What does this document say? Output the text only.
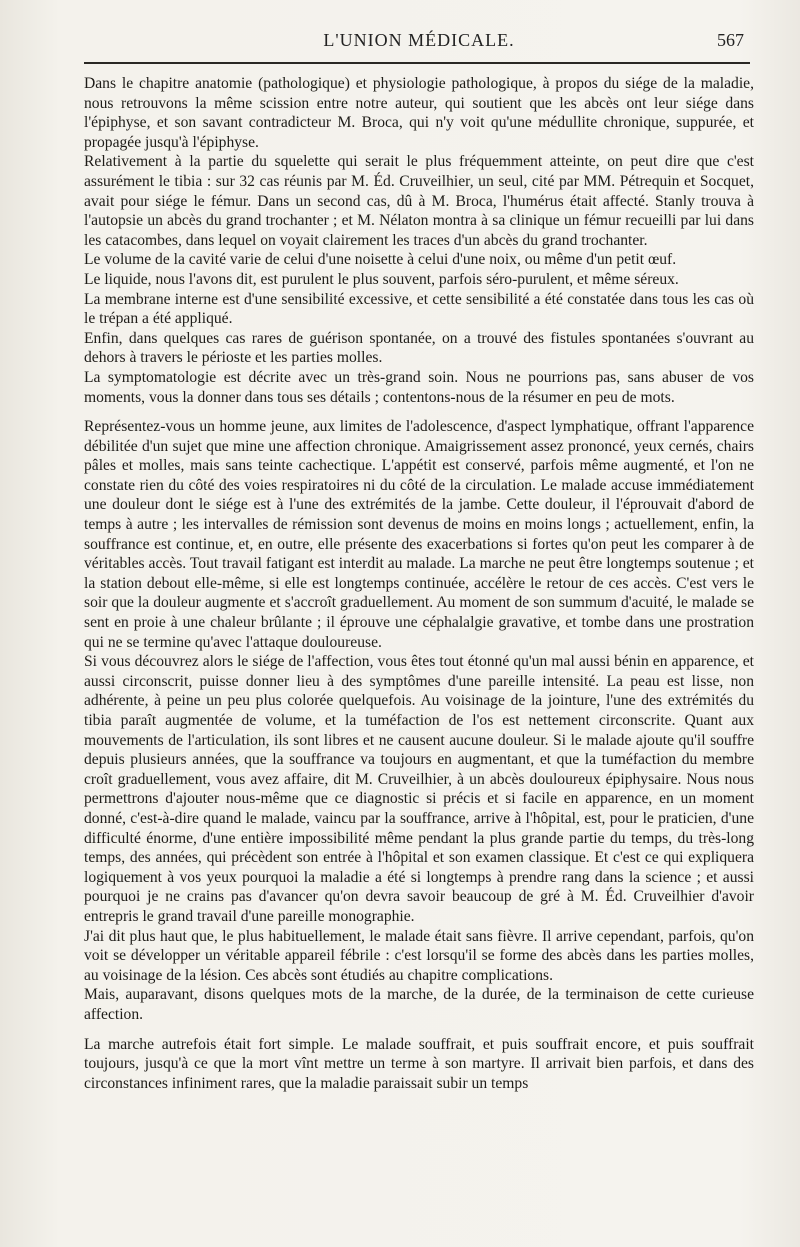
L'UNION MÉDICALE.	567

Dans le chapitre anatomie (pathologique) et physiologie pathologique, à propos du siége de la maladie, nous retrouvons la même scission entre notre auteur, qui soutient que les abcès ont leur siége dans l'épiphyse, et son savant contradicteur M. Broca, qui n'y voit qu'une médullite chronique, suppurée, et propagée jusqu'à l'épiphyse.

Relativement à la partie du squelette qui serait le plus fréquemment atteinte, on peut dire que c'est assurément le tibia : sur 32 cas réunis par M. Éd. Cruveilhier, un seul, cité par MM. Pétrequin et Socquet, avait pour siége le fémur. Dans un second cas, dû à M. Broca, l'humérus était affecté. Stanly trouva à l'autopsie un abcès du grand trochanter ; et M. Nélaton montra à sa clinique un fémur recueilli par lui dans les catacombes, dans lequel on voyait clairement les traces d'un abcès du grand trochanter.

Le volume de la cavité varie de celui d'une noisette à celui d'une noix, ou même d'un petit œuf.

Le liquide, nous l'avons dit, est purulent le plus souvent, parfois séro-purulent, et même séreux.

La membrane interne est d'une sensibilité excessive, et cette sensibilité a été constatée dans tous les cas où le trépan a été appliqué.

Enfin, dans quelques cas rares de guérison spontanée, on a trouvé des fistules spontanées s'ouvrant au dehors à travers le périoste et les parties molles.

La symptomatologie est décrite avec un très-grand soin. Nous ne pourrions pas, sans abuser de vos moments, vous la donner dans tous ses détails ; contentons-nous de la résumer en peu de mots.

Représentez-vous un homme jeune, aux limites de l'adolescence, d'aspect lymphatique, offrant l'apparence débilitée d'un sujet que mine une affection chronique. Amaigrissement assez prononcé, yeux cernés, chairs pâles et molles, mais sans teinte cachectique. L'appétit est conservé, parfois même augmenté, et l'on ne constate rien du côté des voies respiratoires ni du côté de la circulation. Le malade accuse immédiatement une douleur dont le siége est à l'une des extrémités de la jambe. Cette douleur, il l'éprouvait d'abord de temps à autre ; les intervalles de rémission sont devenus de moins en moins longs ; actuellement, enfin, la souffrance est continue, et, en outre, elle présente des exacerbations si fortes qu'on peut les comparer à de véritables accès. Tout travail fatigant est interdit au malade. La marche ne peut être longtemps soutenue ; et la station debout elle-même, si elle est longtemps continuée, accélère le retour de ces accès. C'est vers le soir que la douleur augmente et s'accroît graduellement. Au moment de son summum d'acuité, le malade se sent en proie à une chaleur brûlante ; il éprouve une céphalalgie gravative, et tombe dans une prostration qui ne se termine qu'avec l'attaque douloureuse.

Si vous découvrez alors le siége de l'affection, vous êtes tout étonné qu'un mal aussi bénin en apparence, et aussi circonscrit, puisse donner lieu à des symptômes d'une pareille intensité. La peau est lisse, non adhérente, à peine un peu plus colorée quelquefois. Au voisinage de la jointure, l'une des extrémités du tibia paraît augmentée de volume, et la tuméfaction de l'os est nettement circonscrite. Quant aux mouvements de l'articulation, ils sont libres et ne causent aucune douleur. Si le malade ajoute qu'il souffre depuis plusieurs années, que la souffrance va toujours en augmentant, et que la tuméfaction du membre croît graduellement, vous avez affaire, dit M. Cruveilhier, à un abcès douloureux épiphysaire. Nous nous permettrons d'ajouter nous-même que ce diagnostic si précis et si facile en apparence, en un moment donné, c'est-à-dire quand le malade, vaincu par la souffrance, arrive à l'hôpital, est, pour le praticien, d'une difficulté énorme, d'une entière impossibilité même pendant la plus grande partie du temps, du très-long temps, des années, qui précèdent son entrée à l'hôpital et son examen classique. Et c'est ce qui expliquera logiquement à vos yeux pourquoi la maladie a été si longtemps à prendre rang dans la science ; et aussi pourquoi je ne crains pas d'avancer qu'on devra savoir beaucoup de gré à M. Éd. Cruveilhier d'avoir entrepris le grand travail d'une pareille monographie.

J'ai dit plus haut que, le plus habituellement, le malade était sans fièvre. Il arrive cependant, parfois, qu'on voit se développer un véritable appareil fébrile : c'est lorsqu'il se forme des abcès dans les parties molles, au voisinage de la lésion. Ces abcès sont étudiés au chapitre complications.

Mais, auparavant, disons quelques mots de la marche, de la durée, de la terminaison de cette curieuse affection.

La marche autrefois était fort simple. Le malade souffrait, et puis souffrait encore, et puis souffrait toujours, jusqu'à ce que la mort vînt mettre un terme à son martyre. Il arrivait bien parfois, et dans des circonstances infiniment rares, que la maladie paraissait subir un temps
